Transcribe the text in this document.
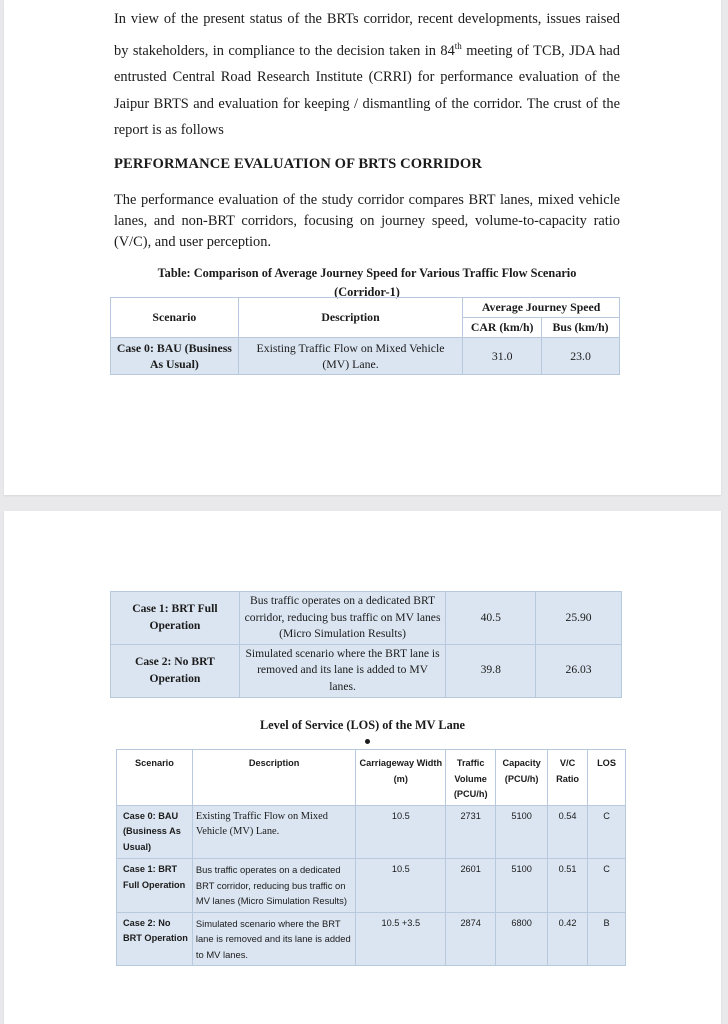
In view of the present status of the BRTs corridor, recent developments, issues raised by stakeholders, in compliance to the decision taken in 84th meeting of TCB, JDA had entrusted Central Road Research Institute (CRRI) for performance evaluation of the Jaipur BRTS and evaluation for keeping / dismantling of the corridor. The crust of the report is as follows

PERFORMANCE EVALUATION OF BRTS CORRIDOR

The performance evaluation of the study corridor compares BRT lanes, mixed vehicle lanes, and non-BRT corridors, focusing on journey speed, volume-to-capacity ratio (V/C), and user perception.

Table: Comparison of Average Journey Speed for Various Traffic Flow Scenario
(Corridor-1)

Scenario	Description	Average Journey Speed	
		CAR (km/h)	Bus (km/h)
Case 0: BAU (Business As Usual)	Existing Traffic Flow on Mixed Vehicle (MV) Lane.	31.0	23.0
Case 1: BRT Full Operation	Bus traffic operates on a dedicated BRT corridor, reducing bus traffic on MV lanes (Micro Simulation Results)	40.5	25.90
Case 2: No BRT Operation	Simulated scenario where the BRT lane is removed and its lane is added to MV lanes.	39.8	26.03

Level of Service (LOS) of the MV Lane

Scenario	Description	Carriageway Width (m)	Traffic Volume (PCU/h)	Capacity (PCU/h)	V/C Ratio	LOS
Case 0: BAU (Business As Usual)	Existing Traffic Flow on Mixed Vehicle (MV) Lane.	10.5	2731	5100	0.54	C
Case 1: BRT Full Operation	Bus traffic operates on a dedicated BRT corridor, reducing bus traffic on MV lanes (Micro Simulation Results)	10.5	2601	5100	0.51	C
Case 2: No BRT Operation	Simulated scenario where the BRT lane is removed and its lane is added to MV lanes.	10.5 +3.5	2874	6800	0.42	B
